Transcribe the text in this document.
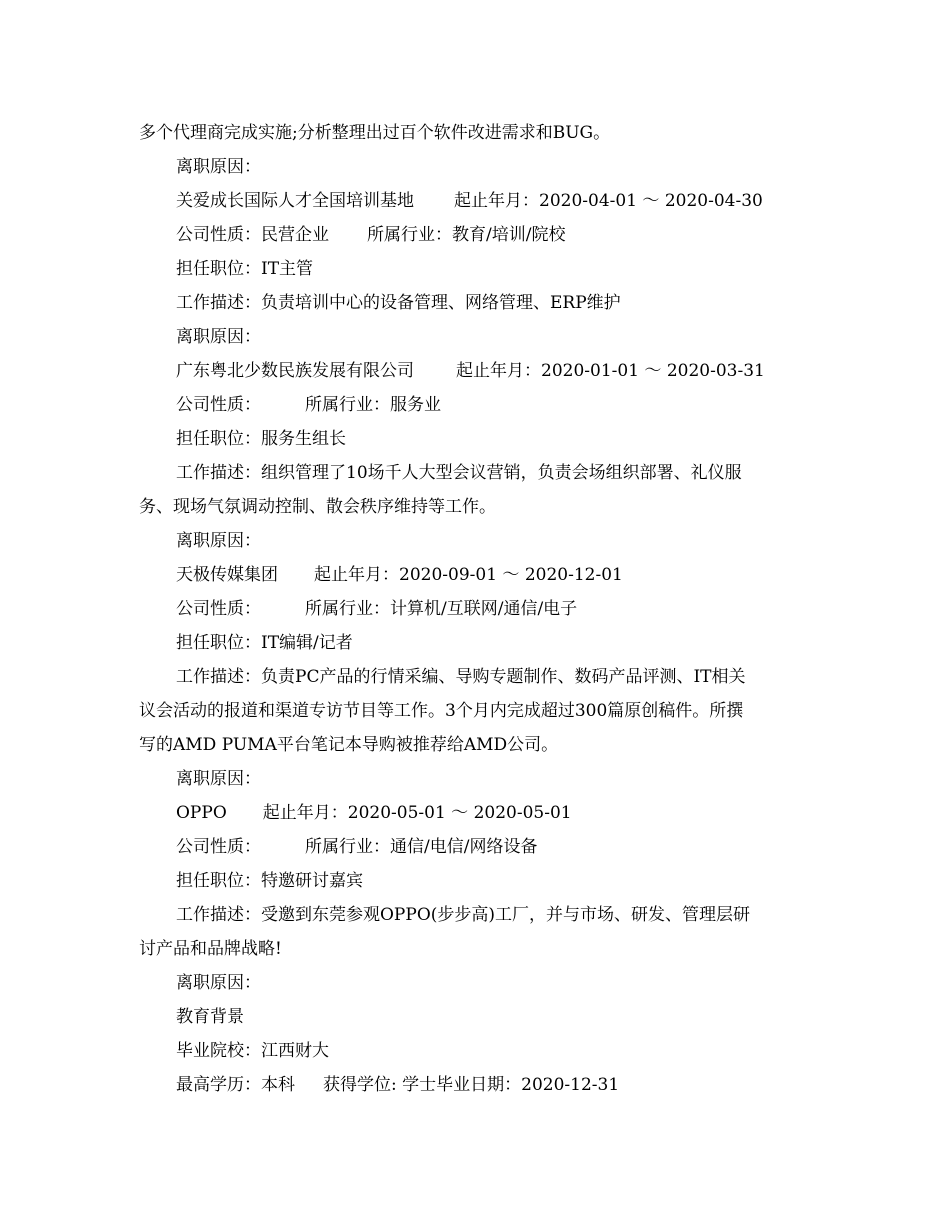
多个代理商完成实施;分析整理出过百个软件改进需求和BUG。
离职原因：
关爱成长国际人才全国培训基地 起止年月：2020-04-01 ～ 2020-04-30
公司性质：民营企业 所属行业：教育/培训/院校
担任职位：IT主管
工作描述：负责培训中心的设备管理、网络管理、ERP维护
离职原因：
广东粤北少数民族发展有限公司 起止年月：2020-01-01 ～ 2020-03-31
公司性质：	所属行业：服务业
担任职位：服务生组长
工作描述：组织管理了10场千人大型会议营销，负责会场组织部署、礼仪服
务、现场气氛调动控制、散会秩序维持等工作。
离职原因：
天极传媒集团 起止年月：2020-09-01 ～ 2020-12-01
公司性质：	所属行业：计算机/互联网/通信/电子
担任职位：IT编辑/记者
工作描述：负责PC产品的行情采编、导购专题制作、数码产品评测、IT相关
议会活动的报道和渠道专访节目等工作。3个月内完成超过300篇原创稿件。所撰
写的AMD PUMA平台笔记本导购被推荐给AMD公司。
离职原因：
OPPO 起止年月：2020-05-01 ～ 2020-05-01
公司性质：	所属行业：通信/电信/网络设备
担任职位：特邀研讨嘉宾
工作描述：受邀到东莞参观OPPO(步步高)工厂，并与市场、研发、管理层研
讨产品和品牌战略!
离职原因：
教育背景
毕业院校：江西财大
最高学历：本科 获得学位: 学士毕业日期：2020-12-31
